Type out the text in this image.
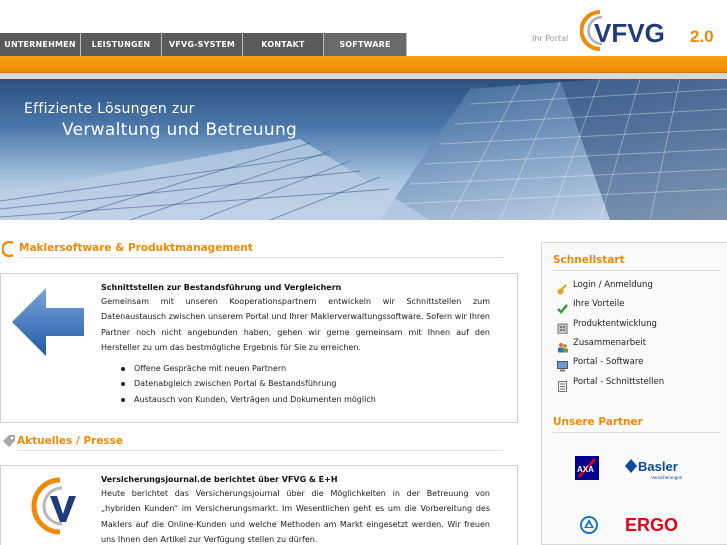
UNTERNEHMEN	LEISTUNGEN	VFVG-SYSTEM	KONTAKT	SOFTWARE
Ihr Portal VFVG 2.0
Effiziente Lösungen zur
Verwaltung und Betreuung
Maklersoftware & Produktmanagement
Schnittstellen zur Bestandsführung und Vergleichern
Gemeinsam mit unseren Kooperationspartnern entwickeln wir Schnittstellen zum Datenaustausch zwischen unserem Portal und Ihrer Maklerverwaltungssoftware. Sofern wir Ihren Partner noch nicht angebunden haben, gehen wir gerne gemeinsam mit Ihnen auf den Hersteller zu um das bestmögliche Ergebnis für Sie zu erreichen.
Offene Gespräche mit neuen Partnern
Datenabgleich zwischen Portal & Bestandsführung
Austausch von Kunden, Verträgen und Dokumenten möglich
Aktuelles / Presse
Versicherungsjournal.de berichtet über VFVG & E+H
Heute berichtet das Versicherungsjournal über die Möglichkeiten in der Betreuung von „hybriden Kunden“ im Versicherungsmarkt. Im Wesentlichen geht es um die Vorbereitung des Maklers auf die Online-Kunden und welche Methoden am Markt eingesetzt werden. Wir freuen uns Ihnen den Artikel zur Verfügung stellen zu dürfen.
Schnellstart
Login / Anmeldung
Ihre Vorteile
Produktentwicklung
Zusammenarbeit
Portal - Software
Portal - Schnittstellen
Unsere Partner
AXA	Basler
Versicherungen
ERGO
